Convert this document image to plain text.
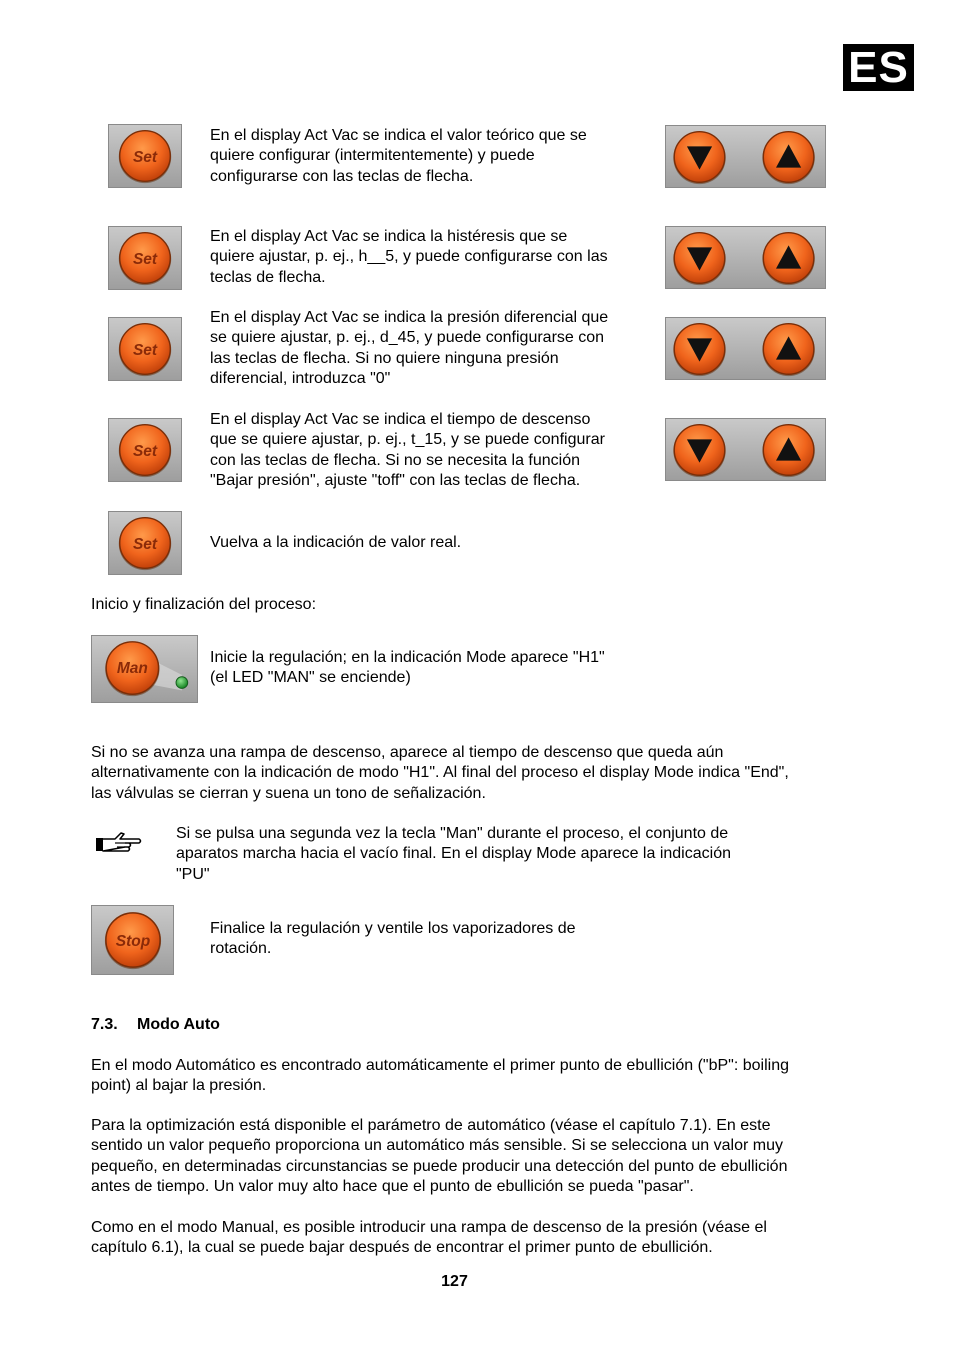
ES
Set
En el display Act Vac se indica el valor teórico que se
quiere configurar (intermitentemente) y puede
configurarse con las teclas de flecha.
Set
En el display Act Vac se indica la histéresis que se
quiere ajustar, p. ej., h__5, y puede configurarse con las
teclas de flecha.
Set
En el display Act Vac se indica la presión diferencial que
se quiere ajustar, p. ej., d_45, y puede configurarse con
las teclas de flecha. Si no quiere ninguna presión
diferencial, introduzca "0"
Set
En el display Act Vac se indica el tiempo de descenso
que se quiere ajustar, p. ej., t_15, y se puede configurar
con las teclas de flecha. Si no se necesita la función
"Bajar presión", ajuste "toff" con las teclas de flecha.
Set	Vuelva a la indicación de valor real.
Inicio y finalización del proceso:
Man
Inicie la regulación; en la indicación Mode aparece "H1"
(el LED "MAN" se enciende)
Si no se avanza una rampa de descenso, aparece al tiempo de descenso que queda aún
alternativamente con la indicación de modo "H1". Al final del proceso el display Mode indica "End",
las válvulas se cierran y suena un tono de señalización.
Si se pulsa una segunda vez la tecla "Man" durante el proceso, el conjunto de
aparatos marcha hacia el vacío final. En el display Mode aparece la indicación
"PU"
Stop
Finalice la regulación y ventile los vaporizadores de
rotación.
7.3. Modo Auto
En el modo Automático es encontrado automáticamente el primer punto de ebullición ("bP": boiling
point) al bajar la presión.
Para la optimización está disponible el parámetro de automático (véase el capítulo 7.1). En este
sentido un valor pequeño proporciona un automático más sensible. Si se selecciona un valor muy
pequeño, en determinadas circunstancias se puede producir una detección del punto de ebullición
antes de tiempo. Un valor muy alto hace que el punto de ebullición se pueda "pasar".
Como en el modo Manual, es posible introducir una rampa de descenso de la presión (véase el
capítulo 6.1), la cual se puede bajar después de encontrar el primer punto de ebullición.
127
